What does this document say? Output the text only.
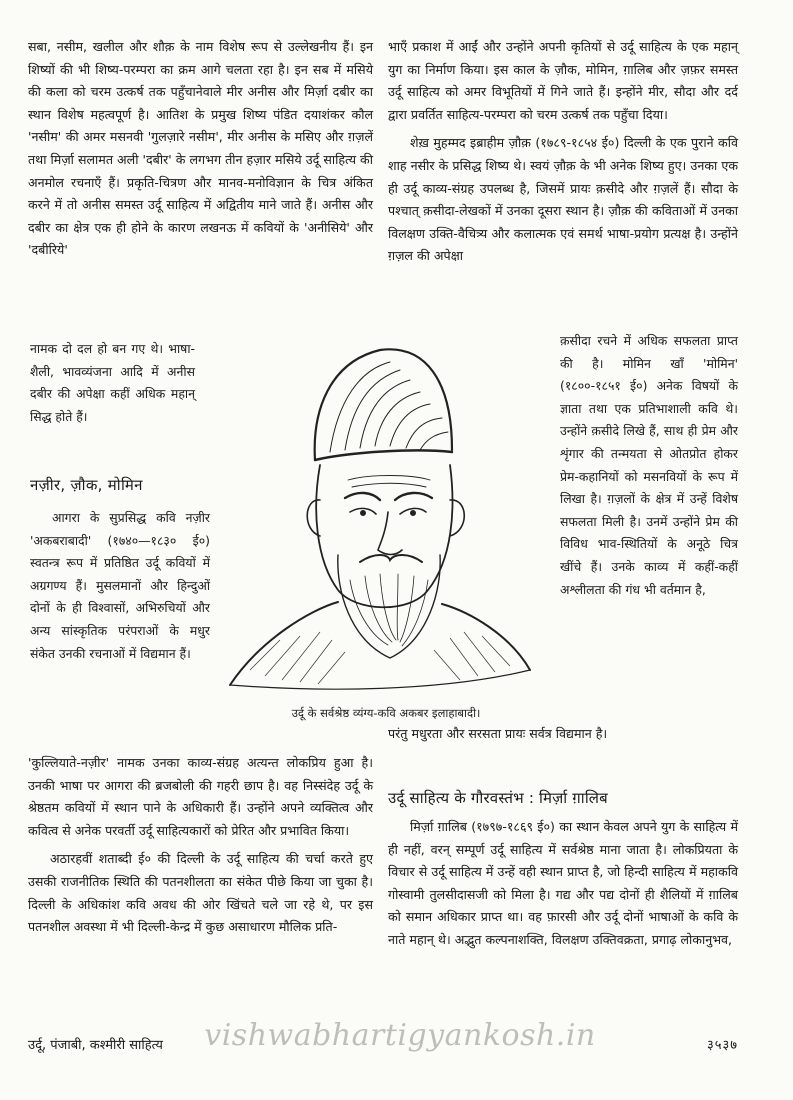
सबा, नसीम, खलील और शौक़ के नाम विशेष रूप से उल्लेखनीय हैं। इन शिष्यों की भी शिष्य-परम्परा का क्रम आगे चलता रहा है। इन सब में मसिये की कला को चरम उत्कर्ष तक पहुँचानेवाले मीर अनीस और मिर्ज़ा दबीर का स्थान विशेष महत्वपूर्ण है। आतिश के प्रमुख शिष्य पंडित दयाशंकर कौल 'नसीम' की अमर मसनवी 'गुलज़ारे नसीम', मीर अनीस के मसिए और ग़ज़लें तथा मिर्ज़ा सलामत अली 'दबीर' के लगभग तीन हज़ार मसिये उर्दू साहित्य की अनमोल रचनाएँ हैं। प्रकृति-चित्रण और मानव-मनोविज्ञान के चित्र अंकित करने में तो अनीस समस्त उर्दू साहित्य में अद्वितीय माने जाते हैं। अनीस और दबीर का क्षेत्र एक ही होने के कारण लखनऊ में कवियों के 'अनीसिये' और 'दबीरिये'

नामक दो दल हो बन गए थे। भाषा-शैली, भावव्यंजना आदि में अनीस दबीर की अपेक्षा कहीं अधिक महान् सिद्ध होते हैं।

नज़ीर, ज़ौक, मोमिन

आगरा के सुप्रसिद्ध कवि नज़ीर 'अकबराबादी' (१७४०—१८३० ई०) स्वतन्त्र रूप में प्रतिष्ठित उर्दू कवियों में अग्रगण्य हैं। मुसलमानों और हिन्दुओं दोनों के ही विश्वासों, अभिरुचियों और अन्य सांस्कृतिक परंपराओं के मधुर संकेत उनकी रचनाओं में विद्यमान हैं।

'कुल्लियाते-नज़ीर' नामक उनका काव्य-संग्रह अत्यन्त लोकप्रिय हुआ है। उनकी भाषा पर आगरा की ब्रजबोली की गहरी छाप है। वह निस्संदेह उर्दू के श्रेष्ठतम कवियों में स्थान पाने के अधिकारी हैं। उन्होंने अपने व्यक्तित्व और कवित्व से अनेक परवर्ती उर्दू साहित्यकारों को प्रेरित और प्रभावित किया।

अठारहवीं शताब्दी ई० की दिल्ली के उर्दू साहित्य की चर्चा करते हुए उसकी राजनीतिक स्थिति की पतनशीलता का संकेत पीछे किया जा चुका है। दिल्ली के अधिकांश कवि अवध की ओर खिंचते चले जा रहे थे, पर इस पतनशील अवस्था में भी दिल्ली-केन्द्र में कुछ असाधारण मौलिक प्रति-

भाएँ प्रकाश में आईं और उन्होंने अपनी कृतियों से उर्दू साहित्य के एक महान् युग का निर्माण किया। इस काल के ज़ौक, मोमिन, ग़ालिब और ज़फ़र समस्त उर्दू साहित्य को अमर विभूतियों में गिने जाते हैं। इन्होंने मीर, सौदा और दर्द द्वारा प्रवर्तित साहित्य-परम्परा को चरम उत्कर्ष तक पहुँचा दिया।

शेख़ मुहम्मद इब्राहीम ज़ौक़ (१७८९-१८५४ ई०) दिल्ली के एक पुराने कवि शाह नसीर के प्रसिद्ध शिष्य थे। स्वयं ज़ौक़ के भी अनेक शिष्य हुए। उनका एक ही उर्दू काव्य-संग्रह उपलब्ध है, जिसमें प्रायः क़सीदे और ग़ज़लें हैं। सौदा के पश्चात् क़सीदा-लेखकों में उनका दूसरा स्थान है। ज़ौक़ की कविताओं में उनका विलक्षण उक्ति-वैचित्र्य और कलात्मक एवं समर्थ भाषा-प्रयोग प्रत्यक्ष है। उन्होंने ग़ज़ल की अपेक्षा

क़सीदा रचने में अधिक सफलता प्राप्त की है। मोमिन खाँ 'मोमिन' (१८००-१८५१ ई०) अनेक विषयों के ज्ञाता तथा एक प्रतिभाशाली कवि थे। उन्होंने क़सीदे लिखे हैं, साथ ही प्रेम और शृंगार की तन्मयता से ओतप्रोत होकर प्रेम-कहानियों को मसनवियों के रूप में लिखा है। ग़ज़लों के क्षेत्र में उन्हें विशेष सफलता मिली है। उनमें उन्होंने प्रेम की विविध भाव-स्थितियों के अनूठे चित्र खींचे हैं। उनके काव्य में कहीं-कहीं अश्लीलता की गंध भी वर्तमान है,

परंतु मधुरता और सरसता प्रायः सर्वत्र विद्यमान है।

उर्दू साहित्य के गौरवस्तंभ : मिर्ज़ा ग़ालिब

मिर्ज़ा ग़ालिब (१७९७-१८६९ ई०) का स्थान केवल अपने युग के साहित्य में ही नहीं, वरन् सम्पूर्ण उर्दू साहित्य में सर्वश्रेष्ठ माना जाता है। लोकप्रियता के विचार से उर्दू साहित्य में उन्हें वही स्थान प्राप्त है, जो हिन्दी साहित्य में महाकवि गोस्वामी तुलसीदासजी को मिला है। गद्य और पद्य दोनों ही शैलियों में ग़ालिब को समान अधिकार प्राप्त था। वह फ़ारसी और उर्दू दोनों भाषाओं के कवि के नाते महान् थे। अद्भुत कल्पनाशक्ति, विलक्षण उक्तिवक्रता, प्रगाढ़ लोकानुभव,

उर्दू के सर्वश्रेष्ठ व्यंग्य-कवि अकबर इलाहाबादी।
उर्दू, पंजाबी, कश्मीरी साहित्य	३५३७
vishwabhartigyankosh.in
